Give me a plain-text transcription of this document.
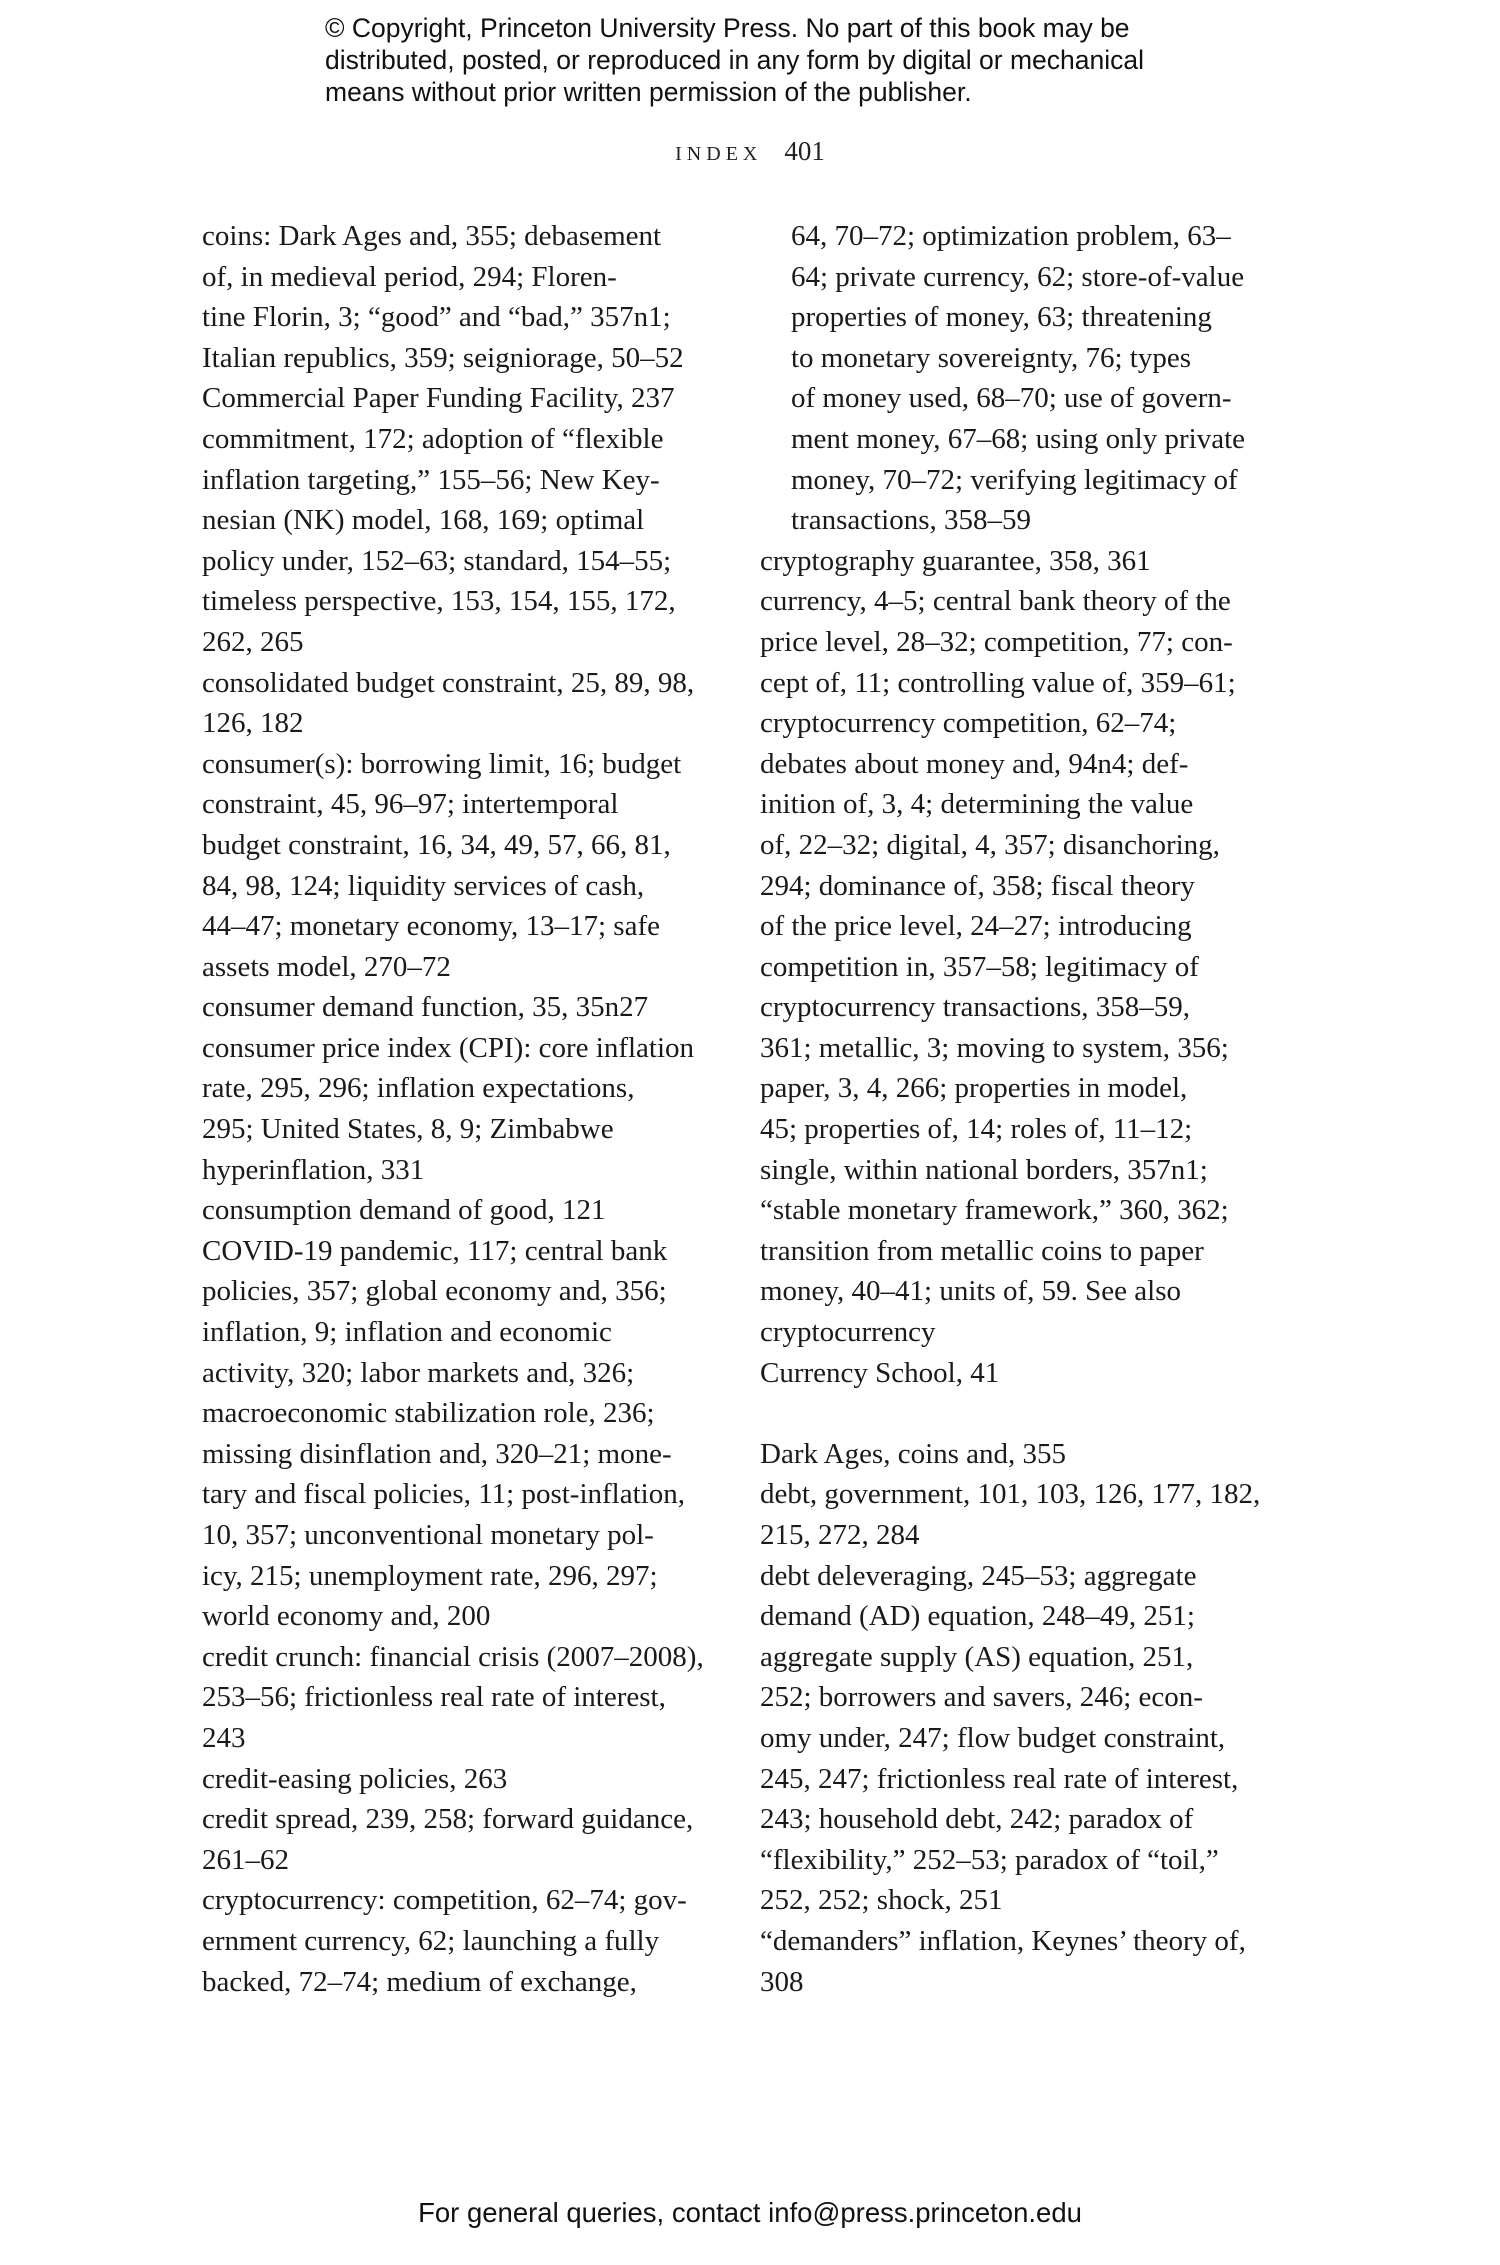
© Copyright, Princeton University Press. No part of this book may be
distributed, posted, or reproduced in any form by digital or mechanical
means without prior written permission of the publisher.
INDEX 401
coins: Dark Ages and, 355; debasement
of, in medieval period, 294; Floren-
tine Florin, 3; “good” and “bad,” 357n1;
Italian republics, 359; seigniorage, 50–52
Commercial Paper Funding Facility, 237
commitment, 172; adoption of “flexible
inflation targeting,” 155–56; New Key-
nesian (NK) model, 168, 169; optimal
policy under, 152–63; standard, 154–55;
timeless perspective, 153, 154, 155, 172,
262, 265
consolidated budget constraint, 25, 89, 98,
126, 182
consumer(s): borrowing limit, 16; budget
constraint, 45, 96–97; intertemporal
budget constraint, 16, 34, 49, 57, 66, 81,
84, 98, 124; liquidity services of cash,
44–47; monetary economy, 13–17; safe
assets model, 270–72
consumer demand function, 35, 35n27
consumer price index (CPI): core inflation
rate, 295, 296; inflation expectations,
295; United States, 8, 9; Zimbabwe
hyperinflation, 331
consumption demand of good, 121
COVID-19 pandemic, 117; central bank
policies, 357; global economy and, 356;
inflation, 9; inflation and economic
activity, 320; labor markets and, 326;
macroeconomic stabilization role, 236;
missing disinflation and, 320–21; mone-
tary and fiscal policies, 11; post-inflation,
10, 357; unconventional monetary pol-
icy, 215; unemployment rate, 296, 297;
world economy and, 200
credit crunch: financial crisis (2007–2008),
253–56; frictionless real rate of interest,
243
credit-easing policies, 263
credit spread, 239, 258; forward guidance,
261–62
cryptocurrency: competition, 62–74; gov-
ernment currency, 62; launching a fully
backed, 72–74; medium of exchange,
64, 70–72; optimization problem, 63–
64; private currency, 62; store-of-value
properties of money, 63; threatening
to monetary sovereignty, 76; types
of money used, 68–70; use of govern-
ment money, 67–68; using only private
money, 70–72; verifying legitimacy of
transactions, 358–59
cryptography guarantee, 358, 361
currency, 4–5; central bank theory of the
price level, 28–32; competition, 77; con-
cept of, 11; controlling value of, 359–61;
cryptocurrency competition, 62–74;
debates about money and, 94n4; def-
inition of, 3, 4; determining the value
of, 22–32; digital, 4, 357; disanchoring,
294; dominance of, 358; fiscal theory
of the price level, 24–27; introducing
competition in, 357–58; legitimacy of
cryptocurrency transactions, 358–59,
361; metallic, 3; moving to system, 356;
paper, 3, 4, 266; properties in model,
45; properties of, 14; roles of, 11–12;
single, within national borders, 357n1;
“stable monetary framework,” 360, 362;
transition from metallic coins to paper
money, 40–41; units of, 59. See also
cryptocurrency
Currency School, 41
Dark Ages, coins and, 355
debt, government, 101, 103, 126, 177, 182,
215, 272, 284
debt deleveraging, 245–53; aggregate
demand (AD) equation, 248–49, 251;
aggregate supply (AS) equation, 251,
252; borrowers and savers, 246; econ-
omy under, 247; flow budget constraint,
245, 247; frictionless real rate of interest,
243; household debt, 242; paradox of
“flexibility,” 252–53; paradox of “toil,”
252, 252; shock, 251
“demanders” inflation, Keynes’ theory of,
308
For general queries, contact info@press.princeton.edu
